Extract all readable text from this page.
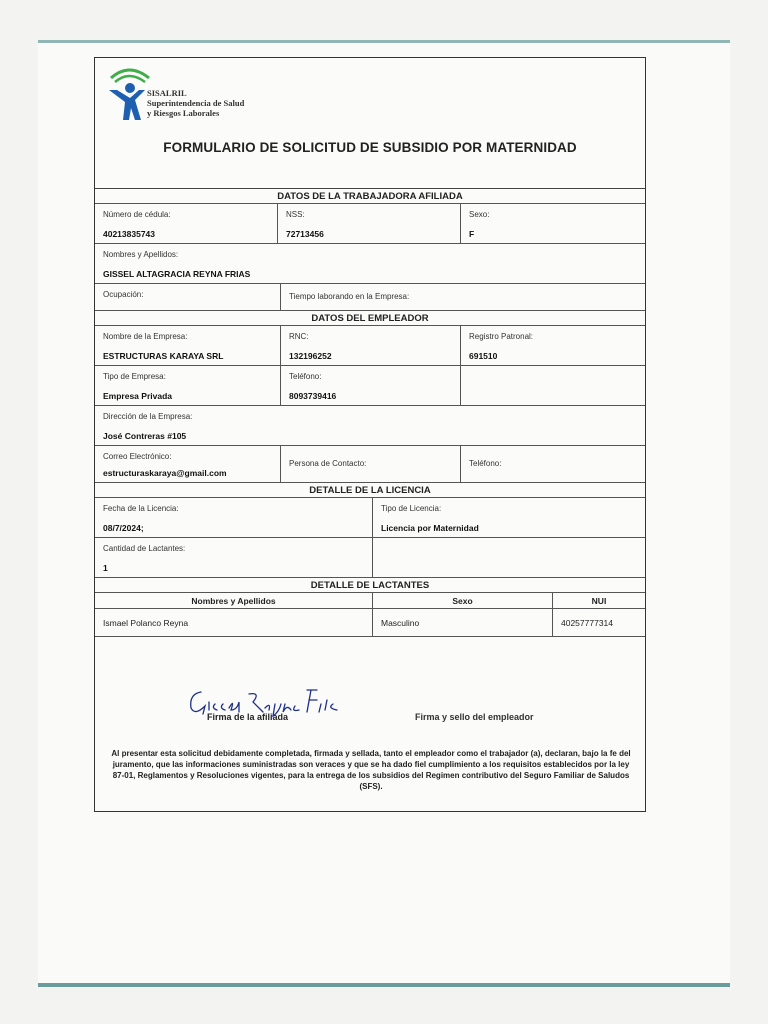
SISALRIL
Superintendencia de Salud
y Riesgos Laborales
FORMULARIO DE SOLICITUD DE SUBSIDIO POR MATERNIDAD
DATOS DE LA TRABAJADORA AFILIADA
Número de cédula:
40213835743
NSS:
72713456
Sexo:
F
Nombres y Apellidos:
GISSEL ALTAGRACIA REYNA FRIAS
Ocupación:	Tiempo laborando en la Empresa:
DATOS DEL EMPLEADOR
Nombre de la Empresa:
ESTRUCTURAS KARAYA SRL
RNC:
132196252
Registro Patronal:
691510
Tipo de Empresa:
Empresa Privada
Teléfono:
8093739416
Dirección de la Empresa:
José Contreras #105
Correo Electrónico:
estructuraskaraya@gmail.com
Persona de Contacto:	Teléfono:
DETALLE DE LA LICENCIA
Fecha de la Licencia:
08/7/2024;
Tipo de Licencia:
Licencia por Maternidad
Cantidad de Lactantes:
1
DETALLE DE LACTANTES
Nombres y Apellidos	Sexo	NUI
Ismael Polanco Reyna	Masculino	40257777314
Firma de la afiliada	Firma y sello del empleador
Al presentar esta solicitud debidamente completada, firmada y sellada, tanto el empleador como el trabajador (a), declaran, bajo la fe del juramento, que las informaciones suministradas son veraces y que se ha dado fiel cumplimiento a los requisitos establecidos por la ley 87-01, Reglamentos y Resoluciones vigentes, para la entrega de los subsidios del Regimen contributivo del Seguro Familiar de Saludos (SFS).
